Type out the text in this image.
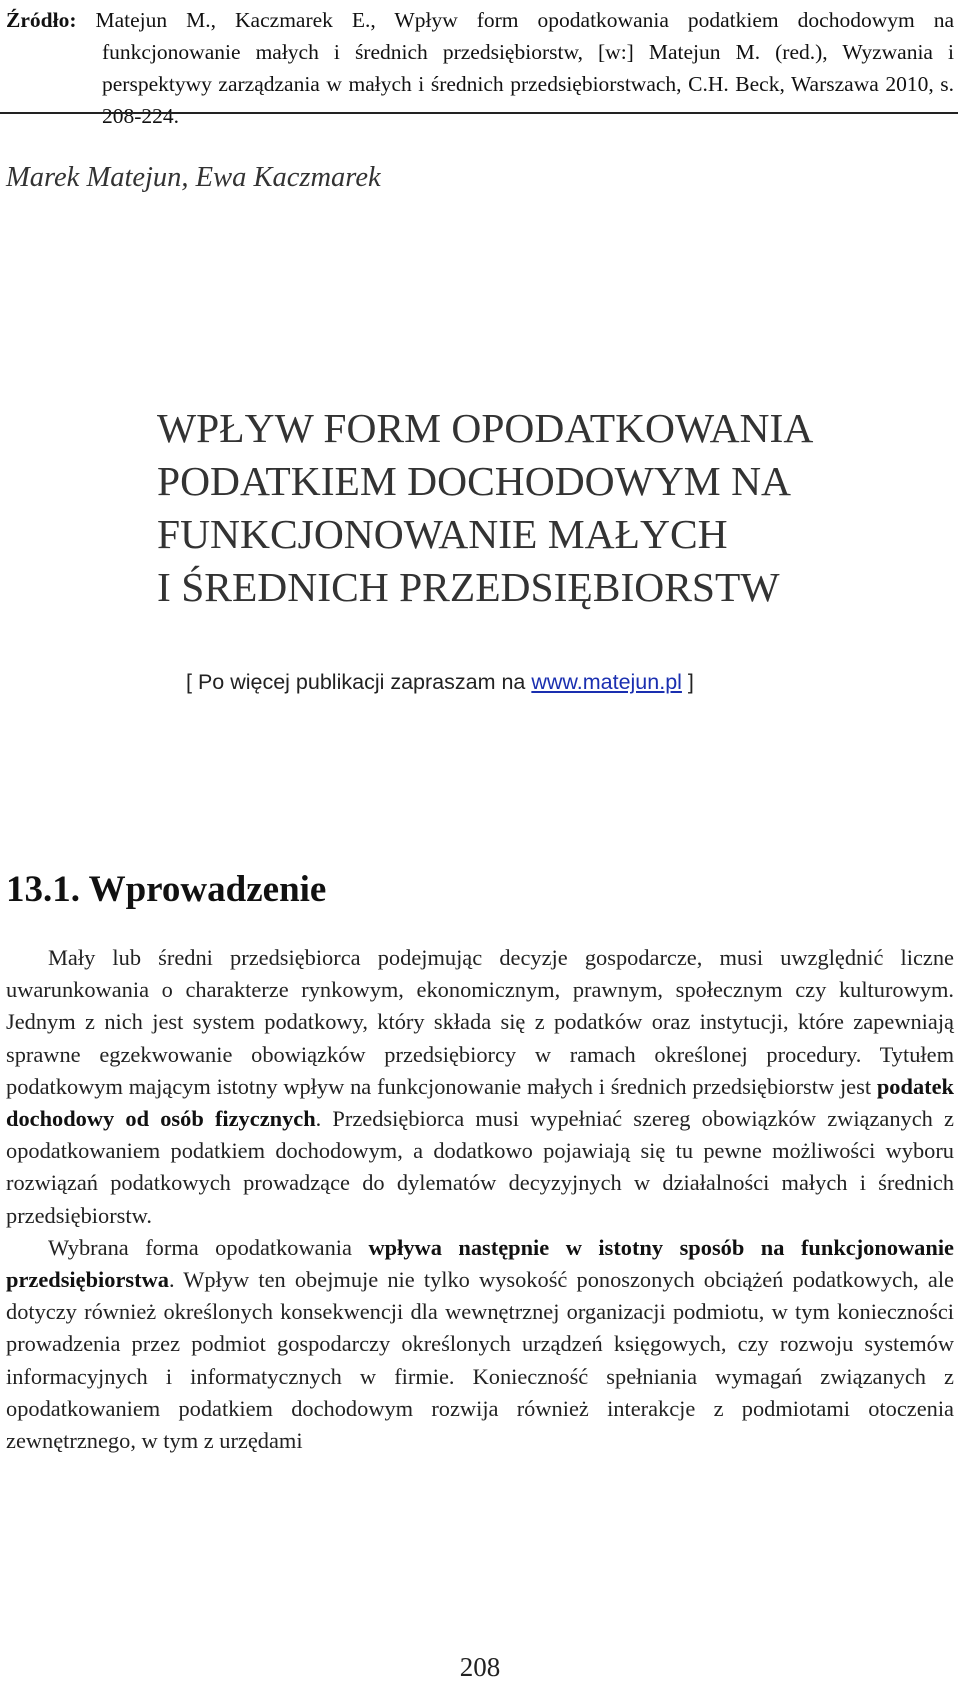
Źródło: Matejun M., Kaczmarek E., Wpływ form opodatkowania podatkiem dochodowym na funkcjonowanie małych i średnich przedsiębiorstw, [w:] Matejun M. (red.), Wyzwania i perspektywy zarządzania w małych i średnich przedsiębiorstwach, C.H. Beck, Warszawa 2010, s. 208-224.
Marek Matejun, Ewa Kaczmarek
WPŁYW FORM OPODATKOWANIA
PODATKIEM DOCHODOWYM NA
FUNKCJONOWANIE MAŁYCH
I ŚREDNICH PRZEDSIĘBIORSTW
[ Po więcej publikacji zapraszam na www.matejun.pl ]
13.1. Wprowadzenie

Mały lub średni przedsiębiorca podejmując decyzje gospodarcze, musi uwzględnić liczne uwarunkowania o charakterze rynkowym, ekonomicznym, prawnym, społecznym czy kulturowym. Jednym z nich jest system podatkowy, który składa się z podatków oraz instytucji, które zapewniają sprawne egzekwowanie obowiązków przedsiębiorcy w ramach określonej procedury. Tytułem podatkowym mającym istotny wpływ na funkcjonowanie małych i średnich przedsiębiorstw jest podatek dochodowy od osób fizycznych. Przedsiębiorca musi wypełniać szereg obowiązków związanych z opodatkowaniem podatkiem dochodowym, a dodatkowo pojawiają się tu pewne możliwości wyboru rozwiązań podatkowych prowadzące do dylematów decyzyjnych w działalności małych i średnich przedsiębiorstw.

Wybrana forma opodatkowania wpływa następnie w istotny sposób na funkcjonowanie przedsiębiorstwa. Wpływ ten obejmuje nie tylko wysokość ponoszonych obciążeń podatkowych, ale dotyczy również określonych konsekwencji dla wewnętrznej organizacji podmiotu, w tym konieczności prowadzenia przez podmiot gospodarczy określonych urządzeń księgowych, czy rozwoju systemów informacyjnych i informatycznych w firmie. Konieczność spełniania wymagań związanych z opodatkowaniem podatkiem dochodowym rozwija również interakcje z podmiotami otoczenia zewnętrznego, w tym z urzędami

208
